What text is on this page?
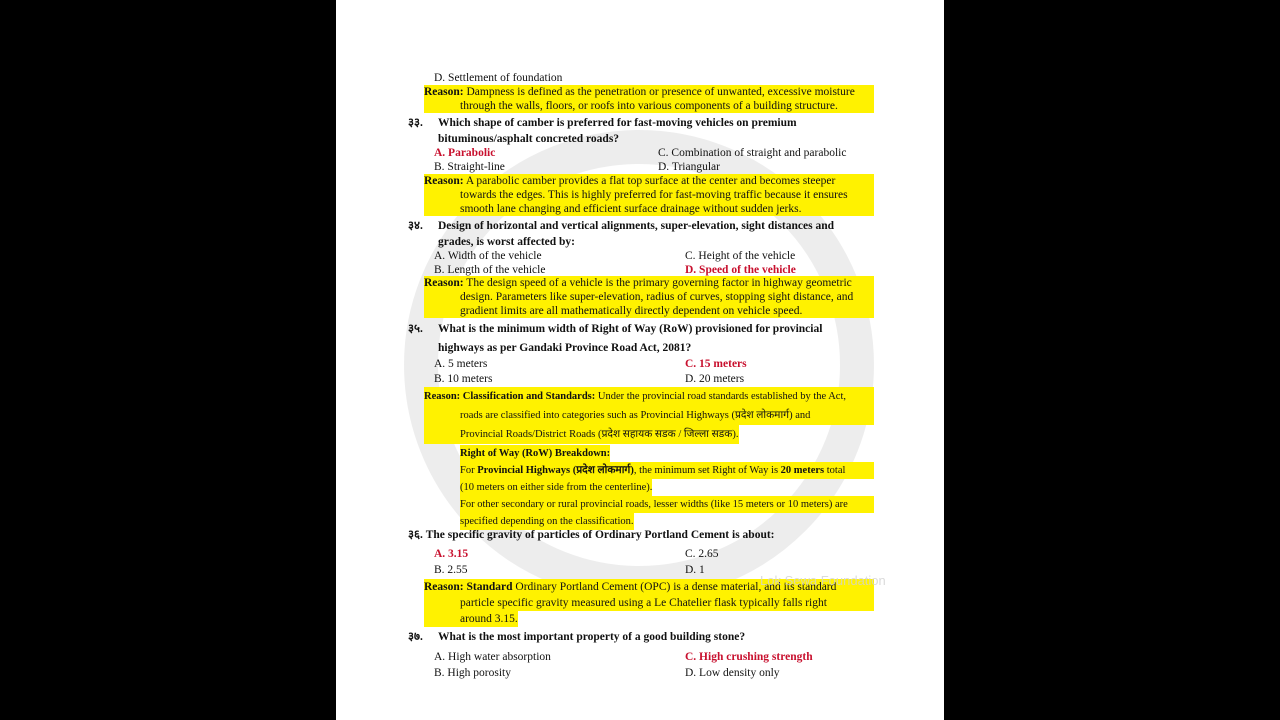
D. Settlement of foundation
Reason: Dampness is defined as the penetration or presence of unwanted, excessive moisture
through the walls, floors, or roofs into various components of a building structure.
३३. Which shape of camber is preferred for fast-moving vehicles on premium
bituminous/asphalt concreted roads?
A. Parabolic	C. Combination of straight and parabolic
B. Straight-line	D. Triangular
Reason: A parabolic camber provides a flat top surface at the center and becomes steeper
towards the edges. This is highly preferred for fast-moving traffic because it ensures
smooth lane changing and efficient surface drainage without sudden jerks.
३४. Design of horizontal and vertical alignments, super-elevation, sight distances and
grades, is worst affected by:
A. Width of the vehicle	C. Height of the vehicle
B. Length of the vehicle	D. Speed of the vehicle
Reason: The design speed of a vehicle is the primary governing factor in highway geometric
design. Parameters like super-elevation, radius of curves, stopping sight distance, and
gradient limits are all mathematically directly dependent on vehicle speed.
३५. What is the minimum width of Right of Way (RoW) provisioned for provincial
highways as per Gandaki Province Road Act, 2081?
A. 5 meters	C. 15 meters
B. 10 meters	D. 20 meters
Reason: Classification and Standards: Under the provincial road standards established by the Act,
roads are classified into categories such as Provincial Highways (प्रदेश लोकमार्ग) and
Provincial Roads/District Roads (प्रदेश सहायक सडक / जिल्ला सडक).
Right of Way (RoW) Breakdown:

For Provincial Highways (प्रदेश लोकमार्ग), the minimum set Right of Way is 20 meters total
(10 meters on either side from the centerline).
For other secondary or rural provincial roads, lesser widths (like 15 meters or 10 meters) are
specified depending on the classification.
३६. The specific gravity of particles of Ordinary Portland Cement is about:
A. 3.15	C. 2.65
B. 2.55	D. 1
Reason: Standard Ordinary Portland Cement (OPC) is a dense material, and its standard
particle specific gravity measured using a Le Chatelier flask typically falls right
around 3.15.
३७. What is the most important property of a good building stone?
A. High water absorption	C. High crushing strength
B. High porosity	D. Low density only
Lok Sewa Foundation
